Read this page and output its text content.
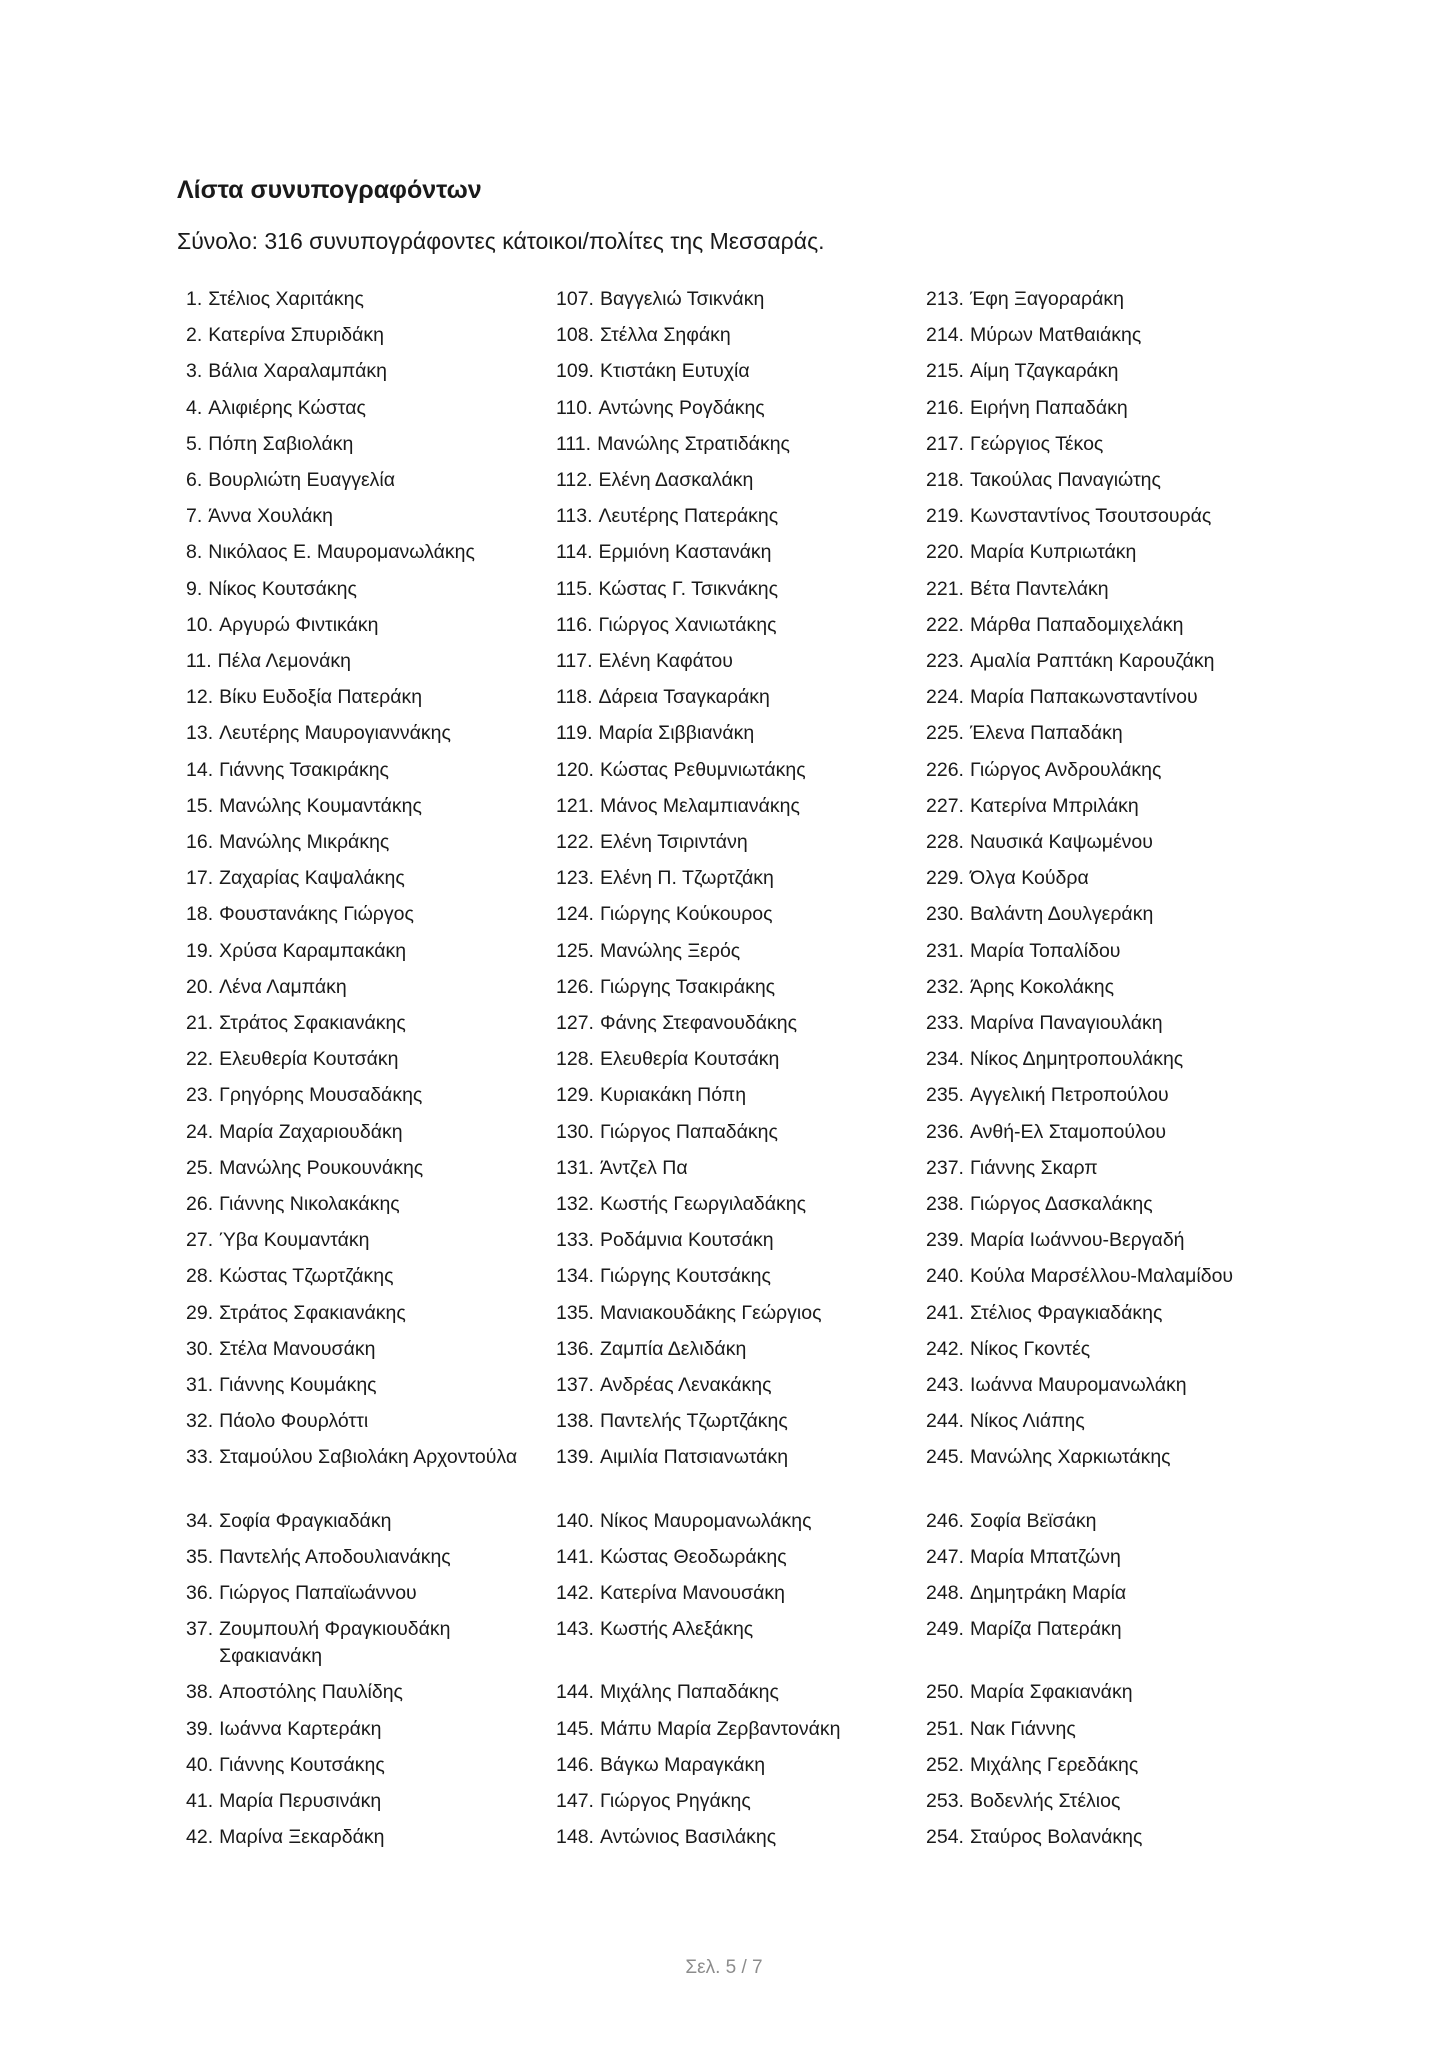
Λίστα συνυπογραφόντων

Σύνολο: 316 συνυπογράφοντες κάτοικοι/πολίτες της Μεσσαράς.

1. Στέλιος Χαριτάκης
2. Κατερίνα Σπυριδάκη
3. Βάλια Χαραλαμπάκη
4. Αλιφιέρης Κώστας
5. Πόπη Σαβιολάκη
6. Βουρλιώτη Ευαγγελία
7. Άννα Χουλάκη
8. Νικόλαος Ε. Μαυρομανωλάκης
9. Νίκος Κουτσάκης
10. Αργυρώ Φιντικάκη
11. Πέλα Λεμονάκη
12. Βίκυ Ευδοξία Πατεράκη
13. Λευτέρης Μαυρογιαννάκης
14. Γιάννης Τσακιράκης
15. Μανώλης Κουμαντάκης
16. Μανώλης Μικράκης
17. Ζαχαρίας Καψαλάκης
18. Φουστανάκης Γιώργος
19. Χρύσα Καραμπακάκη
20. Λένα Λαμπάκη
21. Στράτος Σφακιανάκης
22. Ελευθερία Κουτσάκη
23. Γρηγόρης Μουσαδάκης
24. Μαρία Ζαχαριουδάκη
25. Μανώλης Ρουκουνάκης
26. Γιάννης Νικολακάκης
27. Ύβα Κουμαντάκη
28. Κώστας Τζωρτζάκης
29. Στράτος Σφακιανάκης
30. Στέλα Μανουσάκη
31. Γιάννης Κουμάκης
32. Πάολο Φουρλόττι
33. Σταμούλου Σαβιολάκη Αρχοντούλα
34. Σοφία Φραγκιαδάκη
35. Παντελής Αποδουλιανάκης
36. Γιώργος Παπαϊωάννου
37. Ζουμπουλή Φραγκιουδάκη Σφακιανάκη
38. Αποστόλης Παυλίδης
39. Ιωάννα Καρτεράκη
40. Γιάννης Κουτσάκης
41. Μαρία Περυσινάκη
42. Μαρίνα Ξεκαρδάκη
107. Βαγγελιώ Τσικνάκη
108. Στέλλα Σηφάκη
109. Κτιστάκη Ευτυχία
110. Αντώνης Ρογδάκης
111. Μανώλης Στρατιδάκης
112. Ελένη Δασκαλάκη
113. Λευτέρης Πατεράκης
114. Ερμιόνη Καστανάκη
115. Κώστας Γ. Τσικνάκης
116. Γιώργος Χανιωτάκης
117. Ελένη Καφάτου
118. Δάρεια Τσαγκαράκη
119. Μαρία Σιββιανάκη
120. Κώστας Ρεθυμνιωτάκης
121. Μάνος Μελαμπιανάκης
122. Ελένη Τσιριντάνη
123. Ελένη Π. Τζωρτζάκη
124. Γιώργης Κούκουρος
125. Μανώλης Ξερός
126. Γιώργης Τσακιράκης
127. Φάνης Στεφανουδάκης
128. Ελευθερία Κουτσάκη
129. Κυριακάκη Πόπη
130. Γιώργος Παπαδάκης
131. Άντζελ Πα
132. Κωστής Γεωργιλαδάκης
133. Ροδάμνια Κουτσάκη
134. Γιώργης Κουτσάκης
135. Μανιακουδάκης Γεώργιος
136. Ζαμπία Δελιδάκη
137. Ανδρέας Λενακάκης
138. Παντελής Τζωρτζάκης
139. Αιμιλία Πατσιανωτάκη
140. Νίκος Μαυρομανωλάκης
141. Κώστας Θεοδωράκης
142. Κατερίνα Μανουσάκη
143. Κωστής Αλεξάκης
144. Μιχάλης Παπαδάκης
145. Μάπυ Μαρία Ζερβαντονάκη
146. Βάγκω Μαραγκάκη
147. Γιώργος Ρηγάκης
148. Αντώνιος Βασιλάκης
213. Έφη Ξαγοραράκη
214. Μύρων Ματθαιάκης
215. Αίμη Τζαγκαράκη
216. Ειρήνη Παπαδάκη
217. Γεώργιος Τέκος
218. Τακούλας Παναγιώτης
219. Κωνσταντίνος Τσουτσουράς
220. Μαρία Κυπριωτάκη
221. Βέτα Παντελάκη
222. Μάρθα Παπαδομιχελάκη
223. Αμαλία Ραπτάκη Καρουζάκη
224. Μαρία Παπακωνσταντίνου
225. Έλενα Παπαδάκη
226. Γιώργος Ανδρουλάκης
227. Κατερίνα Μπριλάκη
228. Ναυσικά Καψωμένου
229. Όλγα Κούδρα
230. Βαλάντη Δουλγεράκη
231. Μαρία Τοπαλίδου
232. Άρης Κοκολάκης
233. Μαρίνα Παναγιουλάκη
234. Νίκος Δημητροπουλάκης
235. Αγγελική Πετροπούλου
236. Ανθή-Ελ Σταμοπούλου
237. Γιάννης Σκαρπ
238. Γιώργος Δασκαλάκης
239. Μαρία Ιωάννου-Βεργαδή
240. Κούλα Μαρσέλλου-Μαλαμίδου
241. Στέλιος Φραγκιαδάκης
242. Νίκος Γκοντές
243. Ιωάννα Μαυρομανωλάκη
244. Νίκος Λιάπης
245. Μανώλης Χαρκιωτάκης
246. Σοφία Βεϊσάκη
247. Μαρία Μπατζώνη
248. Δημητράκη Μαρία
249. Μαρίζα Πατεράκη
250. Μαρία Σφακιανάκη
251. Νακ Γιάννης
252. Μιχάλης Γερεδάκης
253. Βοδενλής Στέλιος
254. Σταύρος Βολανάκης
Σελ. 5 / 7
